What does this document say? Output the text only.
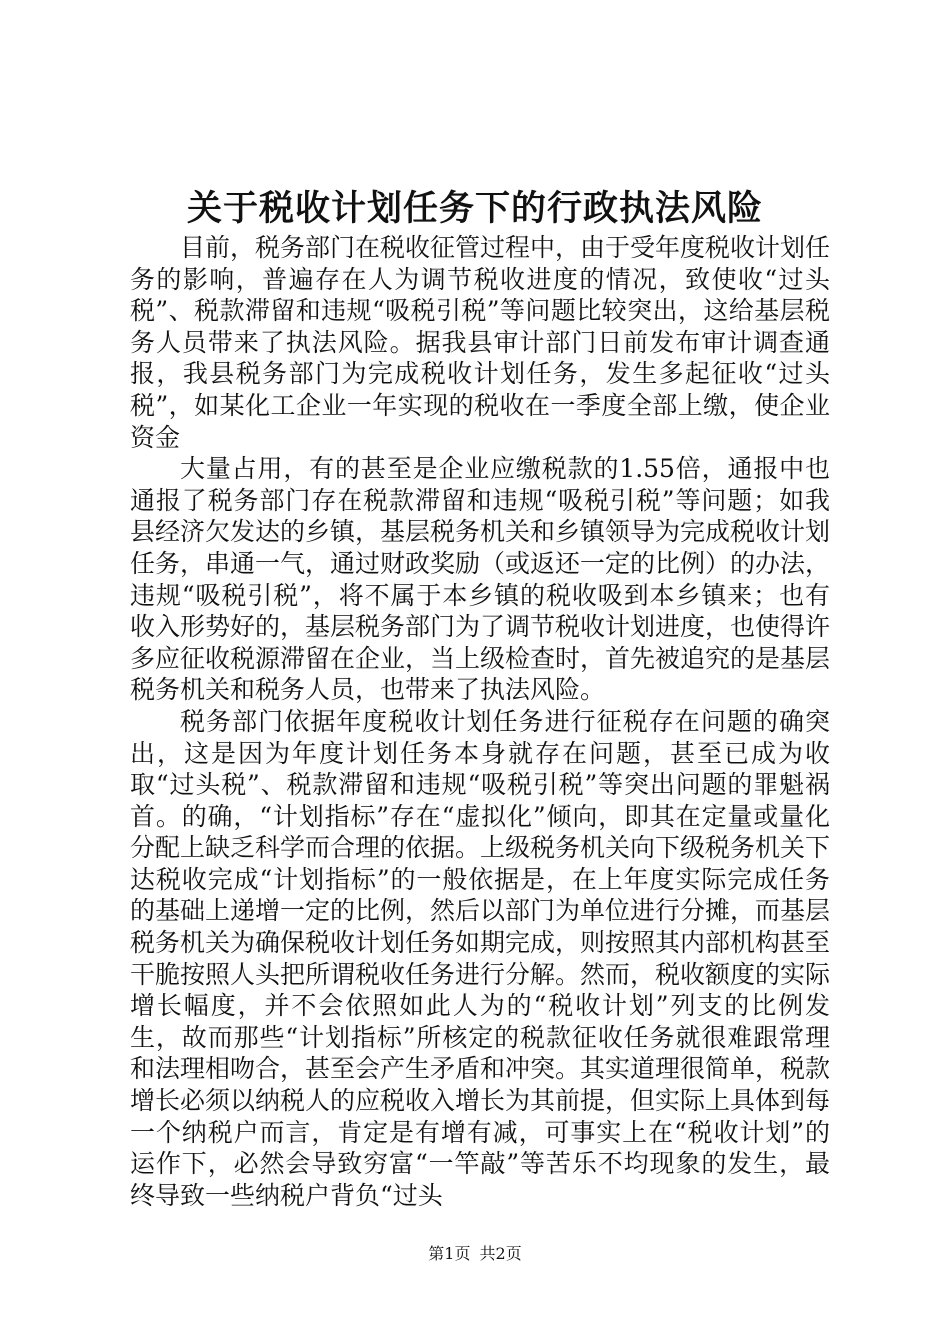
关于税收计划任务下的行政执法风险

目前，税务部门在税收征管过程中，由于受年度税收计划任务的影响，普遍存在人为调节税收进度的情况，致使收“过头税”、税款滞留和违规“吸税引税”等问题比较突出，这给基层税务人员带来了执法风险。据我县审计部门日前发布审计调查通报，我县税务部门为完成税收计划任务，发生多起征收“过头税”，如某化工企业一年实现的税收在一季度全部上缴，使企业资金

大量占用，有的甚至是企业应缴税款的1.55倍，通报中也通报了税务部门存在税款滞留和违规“吸税引税”等问题；如我县经济欠发达的乡镇，基层税务机关和乡镇领导为完成税收计划任务，串通一气，通过财政奖励（或返还一定的比例）的办法，违规“吸税引税”，将不属于本乡镇的税收吸到本乡镇来；也有收入形势好的，基层税务部门为了调节税收计划进度，也使得许多应征收税源滞留在企业，当上级检查时，首先被追究的是基层税务机关和税务人员，也带来了执法风险。

税务部门依据年度税收计划任务进行征税存在问题的确突出，这是因为年度计划任务本身就存在问题，甚至已成为收取“过头税”、税款滞留和违规“吸税引税”等突出问题的罪魁祸首。的确，“计划指标”存在“虚拟化”倾向，即其在定量或量化分配上缺乏科学而合理的依据。上级税务机关向下级税务机关下达税收完成“计划指标”的一般依据是，在上年度实际完成任务的基础上递增一定的比例，然后以部门为单位进行分摊，而基层税务机关为确保税收计划任务如期完成，则按照其内部机构甚至干脆按照人头把所谓税收任务进行分解。然而，税收额度的实际增长幅度，并不会依照如此人为的“税收计划”列支的比例发生，故而那些“计划指标”所核定的税款征收任务就很难跟常理和法理相吻合，甚至会产生矛盾和冲突。其实道理很简单，税款增长必须以纳税人的应税收入增长为其前提，但实际上具体到每一个纳税户而言，肯定是有增有减，可事实上在“税收计划”的运作下，必然会导致穷富“一竿敲”等苦乐不均现象的发生，最终导致一些纳税户背负“过头

第1页 共2页
